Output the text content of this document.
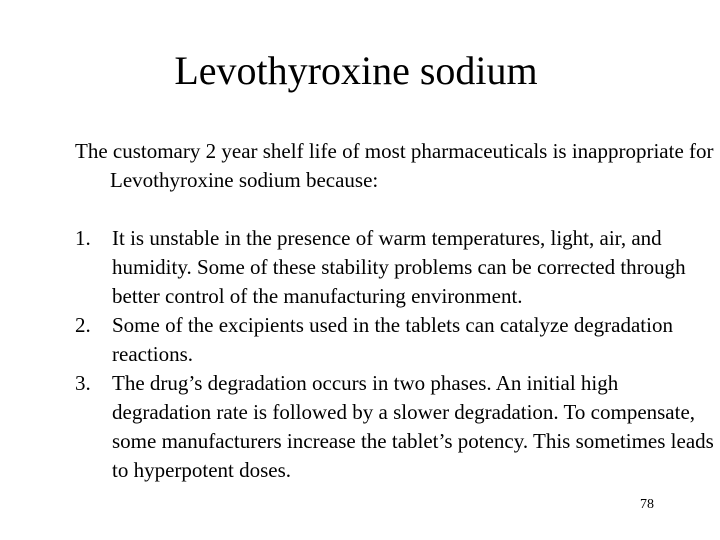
Levothyroxine sodium

The customary 2 year shelf life of most pharmaceuticals is inappropriate for Levothyroxine sodium because:

1. It is unstable in the presence of warm temperatures, light, air, and humidity. Some of these stability problems can be corrected through better control of the manufacturing environment.
2. Some of the excipients used in the tablets can catalyze degradation reactions.
3. The drug’s degradation occurs in two phases. An initial high degradation rate is followed by a slower degradation. To compensate, some manufacturers increase the tablet’s potency. This sometimes leads to hyperpotent doses.
78
